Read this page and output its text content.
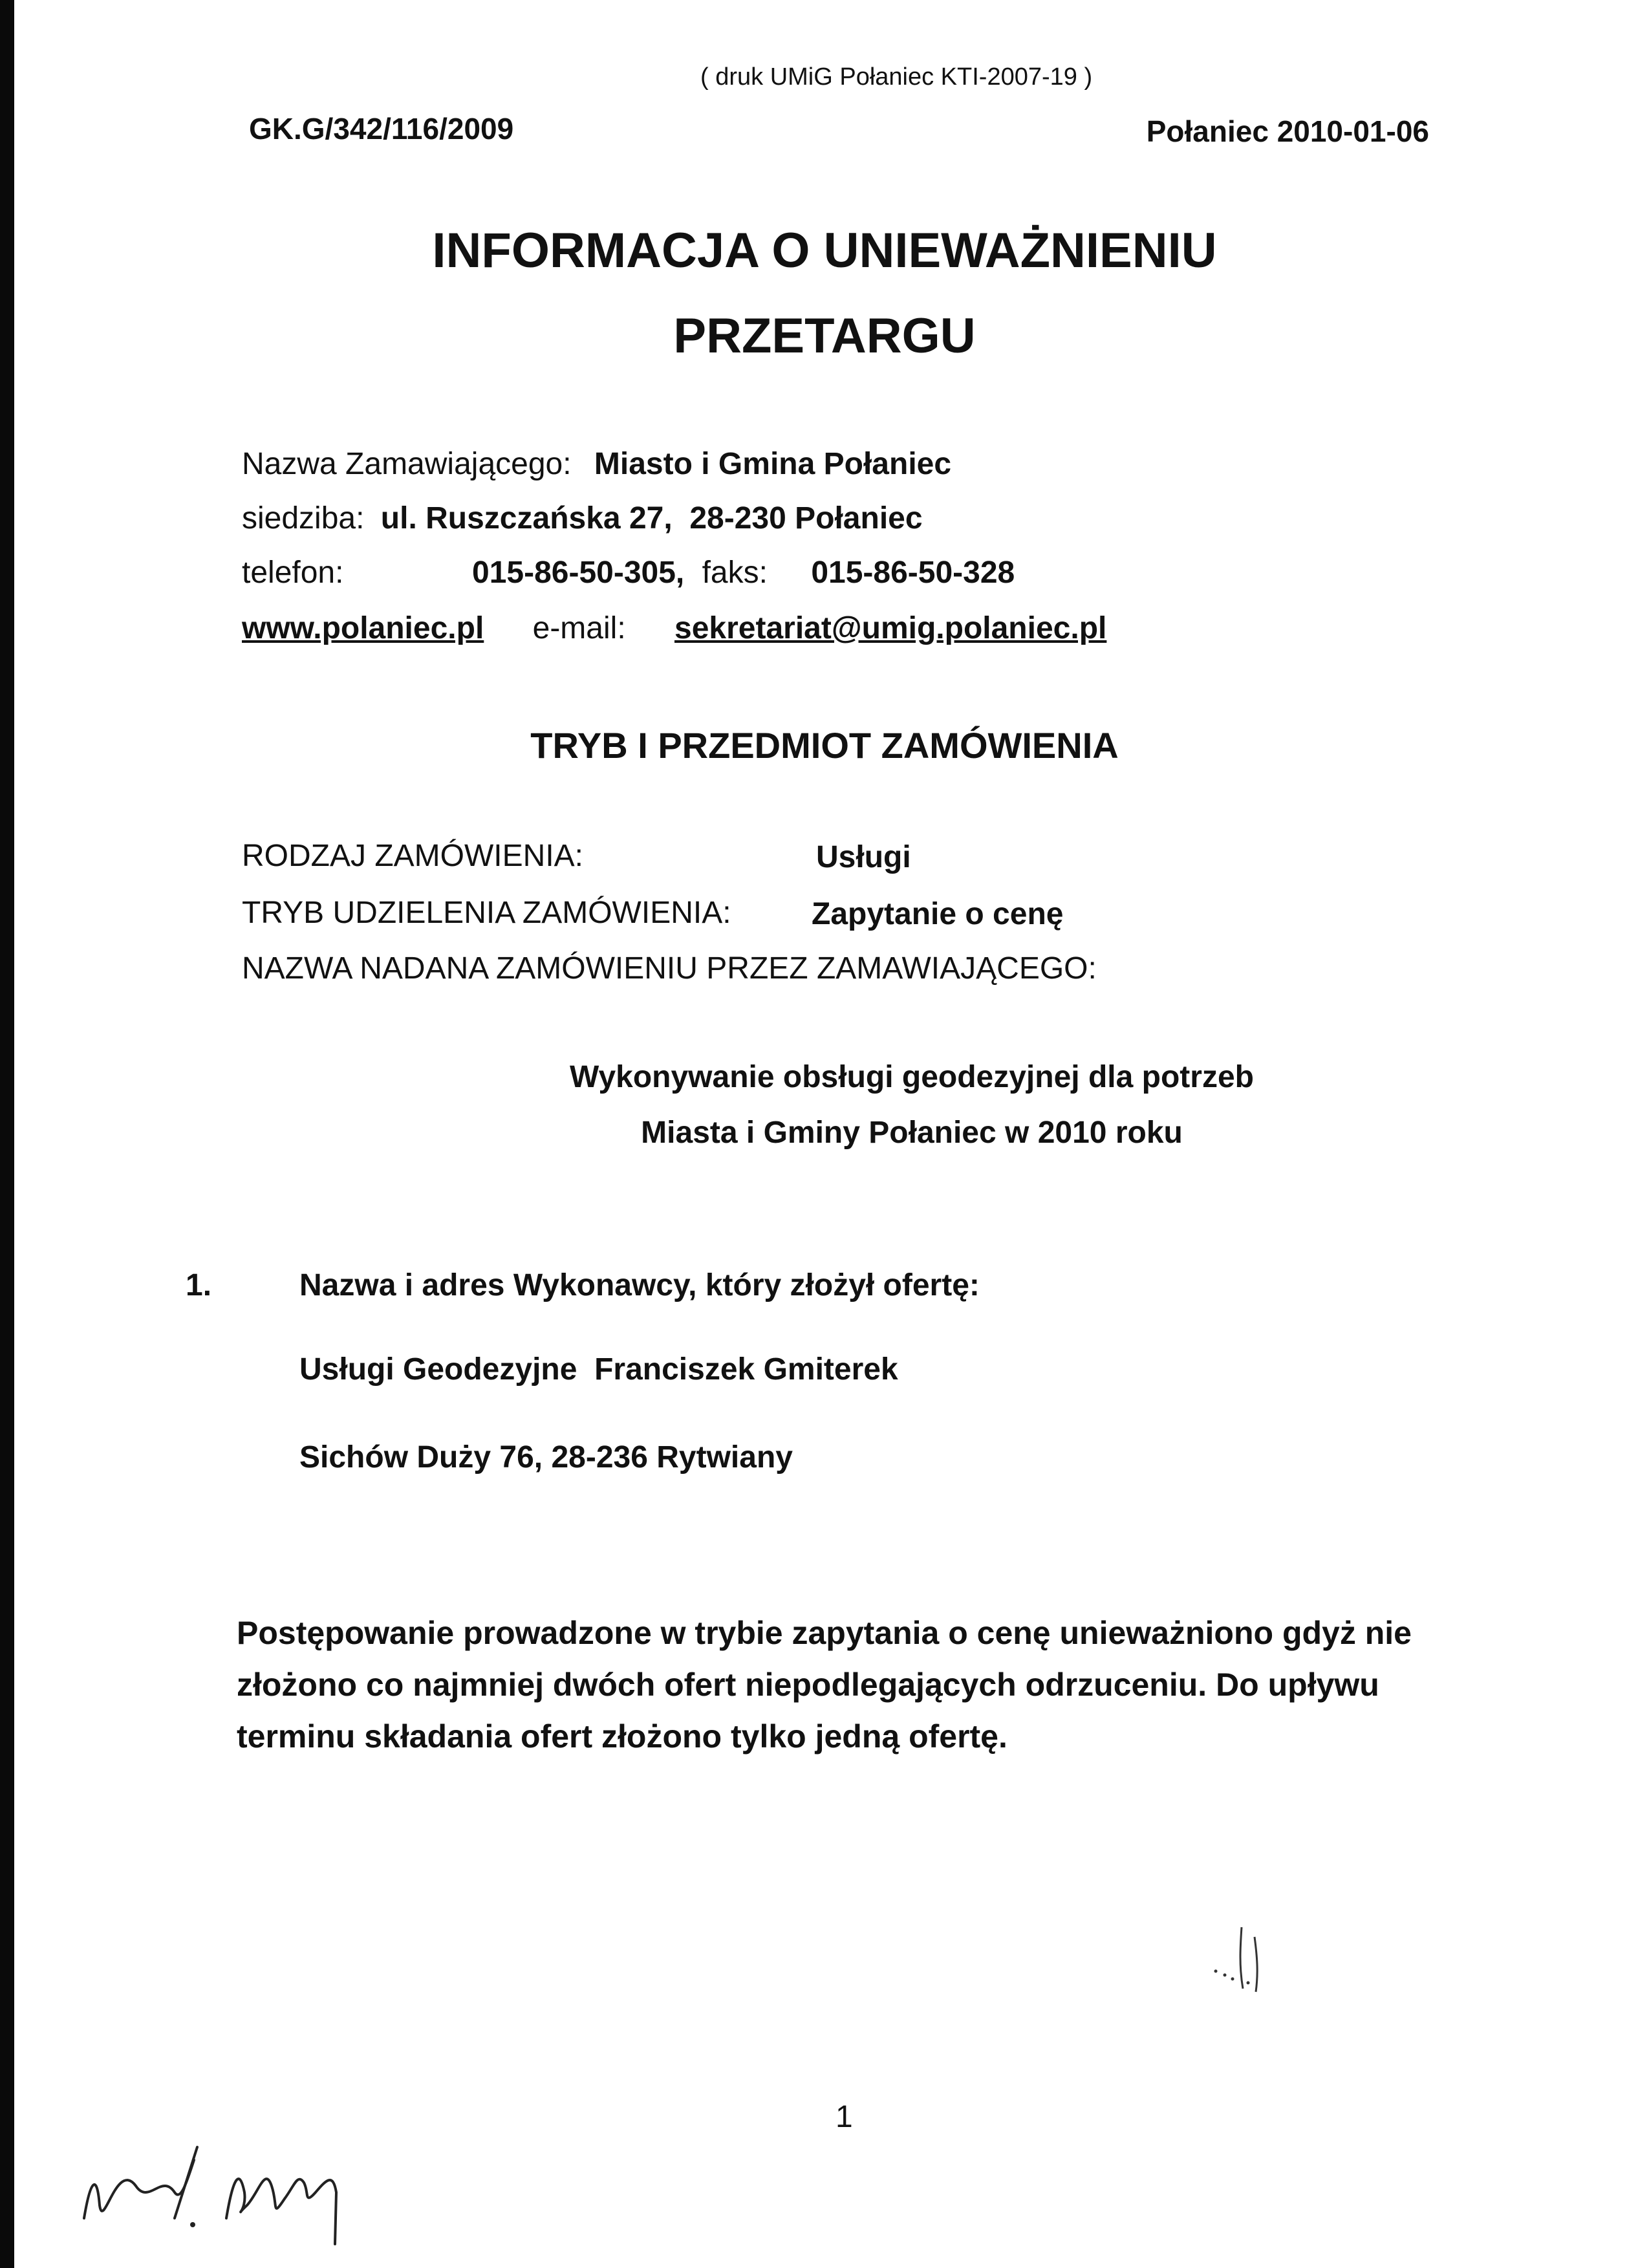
( druk UMiG Połaniec KTI-2007-19 )
GK.G/342/116/2009	Połaniec 2010-01-06
INFORMACJA O UNIEWAŻNIENIU
PRZETARGU
Nazwa Zamawiającego: Miasto i Gmina Połaniec
siedziba: ul. Ruszczańska 27,  28-230 Połaniec
telefon:	015-86-50-305, faks: 015-86-50-328
www.polaniec.pl e-mail: sekretariat@umig.polaniec.pl
TRYB I PRZEDMIOT ZAMÓWIENIA
RODZAJ ZAMÓWIENIA:	Usługi
TRYB UDZIELENIA ZAMÓWIENIA:	Zapytanie o cenę
NAZWA NADANA ZAMÓWIENIU PRZEZ ZAMAWIAJĄCEGO:
Wykonywanie obsługi geodezyjnej dla potrzeb
Miasta i Gminy Połaniec w 2010 roku
1.	Nazwa i adres Wykonawcy, który złożył ofertę:
Usługi Geodezyjne  Franciszek Gmiterek
Sichów Duży 76, 28-236 Rytwiany
Postępowanie prowadzone w trybie zapytania o cenę unieważniono gdyż nie
złożono co najmniej dwóch ofert niepodlegających odrzuceniu. Do upływu
terminu składania ofert złożono tylko jedną ofertę.
1
